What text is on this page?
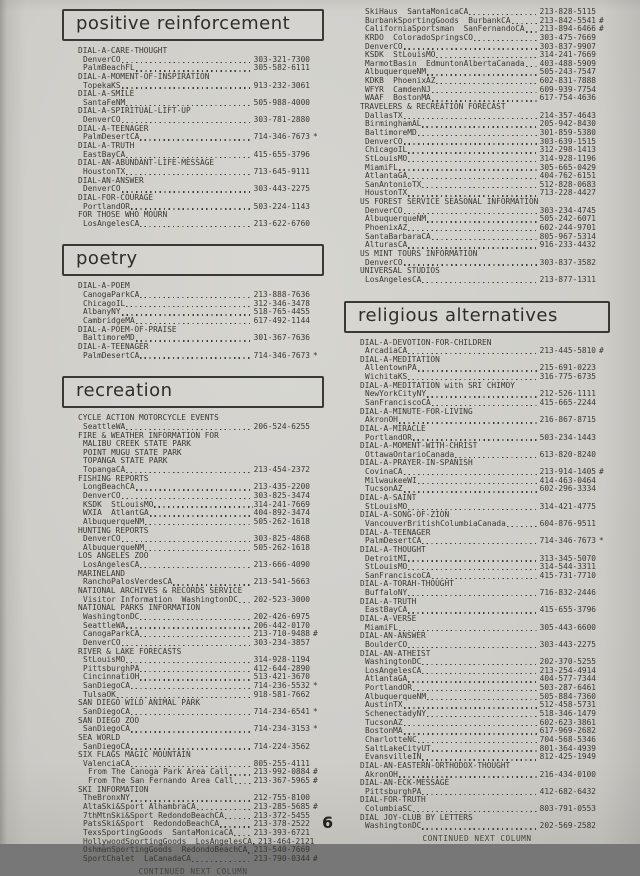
positive reinforcement
DIAL-A-CARE-THOUGHT
DenverCO	303-321-7300
PalmBeachFL	305-582-6111
DIAL-A-MOMENT-OF-INSPIRATION
TopekaKS	913-232-3061
DIAL-A-SMILE
SantaFeNM	505-988-4000
DIAL-A-SPIRITUAL-LIFT-UP
DenverCO	303-781-2880
DIAL-A-TEENAGER
PalmDesertCA	714-346-7673 *
DIAL-A-TRUTH
EastBayCA	415-655-3796
DIAL-AN-ABUNDANT-LIFE-MESSAGE
HoustonTX	713-645-9111
DIAL-AN-ANSWER
DenverCO	303-443-2275
DIAL-FOR-COURAGE
PortlandOR	503-224-1143
FOR THOSE WHO MOURN
LosAngelesCA	213-622-6760
poetry
DIAL-A-POEM
CanogaParkCA	213-888-7636
ChicagoIL	312-346-3478
AlbanyNY	518-765-4455
CambridgeMA	617-492-1144
DIAL-A-POEM-OF-PRAISE
BaltimoreMD	301-367-7636
DIAL-A-TEENAGER
PalmDesertCA	714-346-7673 *
recreation
CYCLE ACTION MOTORCYCLE EVENTS
SeattleWA	206-524-6255
FIRE & WEATHER INFORMATION FOR
MALIBU CREEK STATE PARK
POINT MUGU STATE PARK
TOPANGA STATE PARK
TopangaCA	213-454-2372
FISHING REPORTS
LongBeachCA	213-435-2200
DenverCO	303-825-3474
KSDK  StLouisMO	314-241-7669
WXIA  AtlantGA	404-892-3474
AlbuquerqueNM	505-262-1618
HUNTING REPORTS
DenverCO	303-825-4868
AlbuquerqueNM	505-262-1618
LOS ANGELES ZOO
LosAngelesCA	213-666-4090
MARINELAND
RanchoPalosVerdesCA	213-541-5663
NATIONAL ARCHIVES & RECORDS SERVICE
Visitor Information  WashingtonDC 202-523-3000
NATIONAL PARKS INFORMATION
WashingtonDC	202-426-6975
SeattleWA	206-442-0170
CanogaParkCA	213-710-9488 #
DenverCO	303-234-3857
RIVER & LAKE FORECASTS
StLouisMO	314-928-1194
PittsburghPA	412-644-2890
CincinnatiOH	513-421-3670
SanDiegoCA	714-236-5532 *
TulsaOK	918-581-7662
SAN DIEGO WILD ANIMAL PARK
SanDiegoCA	714-234-6541 *
SAN DIEGO ZOO
SanDiegoCA	714-234-3153 *
SEA WORLD
SanDiegoCA	714-224-3562
SIX FLAGS MAGIC MOUNTAIN
ValenciaCA	805-255-4111
From The Canoga Park Area Call	213-992-0884 #
From The San Fernando Area Call	213-367-5965 #
SKI INFORMATION
TheBronxNY	212-755-8100
AltaSki&Sport AlhambraCA	213-285-5685 #
7thMtnSki&Sport RedondoBeachCA	213-372-5455
PatsSki&Sport  RedondoBeachCA	213-378-2522
TexsSportingGoods  SantaMonicaCA	213-393-6721
HollywoodSportingGoods  LosAngelesCA 213-464-2121
OshmanSportingGoods  RedondoBeachCA 213-540-7669
SportChalet  LaCanadaCA	213-790-0344 #
CONTINUED NEXT COLUMN
SkiHaus  SantaMonicaCA	213-828-5115
BurbankSportingGoods  BurbankCA	213-842-5541 #
CaliforniaSportsman  SanFernandoCA 213-894-6466 #
KRDO  ColoradoSpringsCO	303-475-7669
DenverCO	303-837-9907
KSDK  StLouisMO	314-241-7669
MarmotBasin  EdmuntonAlbertaCanada 403-488-5909
AlbuquerqueNM	505-243-7547
KDKB  PhoenixAZ	602-831-7888
WFYR  CamdenNJ	609-939-7754
WAAF  BostonMA	617-754-4636
TRAVELERS & RECREATION FORECAST
DallasTX	214-357-4643
BirminghamAL	205-942-8430
BaltimoreMD	301-859-5380
DenverCO	303-639-1515
ChicagoIL	312-298-1413
StLouisMO	314-928-1196
MiamiFL	305-665-0429
AtlantaGA	404-762-6151
SanAntonioTX	512-828-0683
HoustonTX	713-228-4427
US FOREST SERVICE SEASONAL INFORMATION
DenverCO	303-234-4745
AlbuquerqueNM	505-242-6071
PhoenixAZ	602-244-9701
SantaBarbaraCA	805-967-5314
AlturasCA	916-233-4432
US MINT TOURS INFORMATION
DenverCO	303-837-3582
UNIVERSAL STUDIOS
LosAngelesCA	213-877-1311
religious alternatives
DIAL-A-DEVOTION-FOR-CHILDREN
ArcadiaCA	213-445-5810 #
DIAL-A-MEDITATION
AllentownPA	215-691-0223
WichitaKS	316-775-6735
DIAL-A-MEDITATION with SRI CHIMOY
NewYorkCityNY	212-526-1111
SanFranciscoCA	415-665-2244
DIAL-A-MINUTE-FOR-LIVING
AkronOH	216-867-8715
DIAL-A-MIRACLE
PortlandOR	503-234-1443
DIAL-A-MOMENT-WITH-CHRIST
OttawaOntarioCanada	613-820-8240
DIAL-A-PRAYER-IN-SPANISH
CovinaCA	213-914-1405 #
MilwaukeeWI	414-463-0464
TucsonAZ	602-296-3334
DIAL-A-SAINT
StLouisMO	314-421-4775
DIAL-A-SONG-OF-ZION
VancouverBritishColumbiaCanada	604-876-9511
DIAL-A-TEENAGER
PalmDesertCA	714-346-7673 *
DIAL-A-THOUGHT
DetroitMI	313-345-5070
StLouisMO	314-544-3311
SanFranciscoCA	415-731-7710
DIAL-A-TORAH-THOUGHT
BuffaloNY	716-832-2446
DIAL-A-TRUTH
EastBayCA	415-655-3796
DIAL-A-VERSE
MiamiFL	305-443-6600
DIAL-AN-ANSWER
BoulderCO	303-443-2275
DIAL-AN-ATHEIST
WashingtonDC	202-370-5255
LosAngelesCA	213-254-4914
AtlantaGA	404-577-7344
PortlandOR	503-287-6461
AlbuquerqueNM	505-884-7360
AustinTX	512-458-5731
SchenectadyNY	518-346-1479
TucsonAZ	602-623-3861
BostonMA	617-969-2682
CharlotteNC	704-568-5346
SaltLakeCityUT	801-364-4939
EvansvilleIN	812-425-1949
DIAL-AN-EASTERN-ORTHODOX-THOUGHT
AkronOH	216-434-0100
DIAL-AN-ECK-MESSAGE
PittsburghPA	412-682-6432
DIAL-FOR-TRUTH
ColumbiaSC	803-791-0553
DIAL JOY-CLUB BY LETTERS
WashingtonDC	202-569-2582
CONTINUED NEXT COLUMN
6
